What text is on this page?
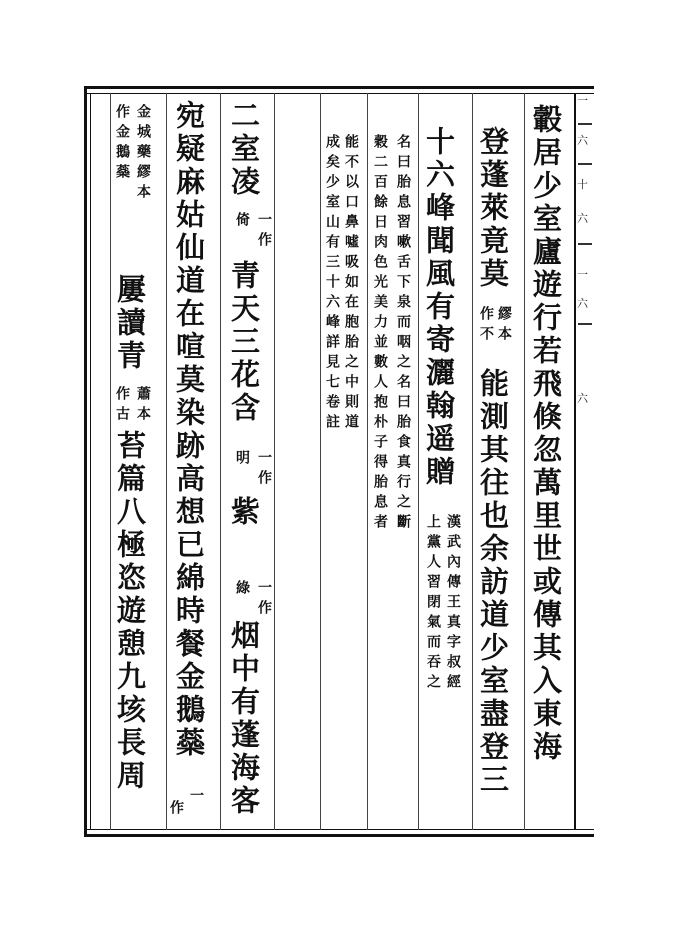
一
六
十
六
一
六
六
轂居少室廬遊行若飛倏忽萬里世或傳其入東海
登蓬萊竟莫
繆本
作不
能測其往也余訪道少室盡登三
十六峰聞風有寄灑翰遥贈
漢武內傳王真字叔經
上黨人習閉氣而吞之
名曰胎息習嗽舌下泉而咽之名曰胎食真行之斷
穀二百餘日肉色光美力並數人抱朴子得胎息者
能不以口鼻噓吸如在胞胎之中則道
成矣少室山有三十六峰詳見七卷註
二室凌
一作
倚
青天三花含
一作
明
紫
一作
綠
烟中有蓬海客
宛疑麻姑仙道在喧莫染跡高想已綿時餐金鵝蘂
一
作
金城藥繆本
作金鵝蘂
屢讀青
蕭本
作古
苔篇八極恣遊憩九垓長周
